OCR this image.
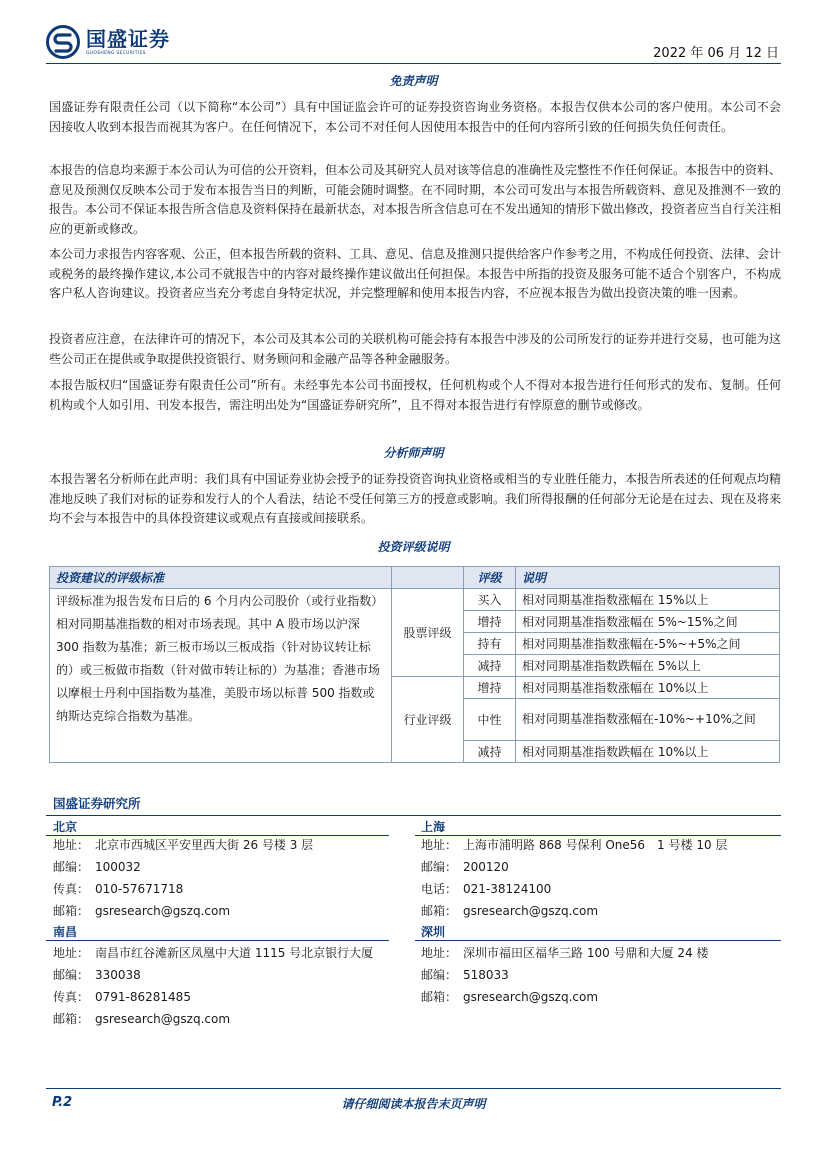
国盛证券
GUOSHENG SECURITIES	2022 年 06 月 12 日
免责声明

国盛证券有限责任公司（以下简称“本公司”）具有中国证监会许可的证券投资咨询业务资格。本报告仅供本公司的客户使用。本公司不会因接收人收到本报告而视其为客户。在任何情况下，本公司不对任何人因使用本报告中的任何内容所引致的任何损失负任何责任。

本报告的信息均来源于本公司认为可信的公开资料，但本公司及其研究人员对该等信息的准确性及完整性不作任何保证。本报告中的资料、意见及预测仅反映本公司于发布本报告当日的判断，可能会随时调整。在不同时期，本公司可发出与本报告所载资料、意见及推测不一致的报告。本公司不保证本报告所含信息及资料保持在最新状态，对本报告所含信息可在不发出通知的情形下做出修改，投资者应当自行关注相应的更新或修改。

本公司力求报告内容客观、公正，但本报告所载的资料、工具、意见、信息及推测只提供给客户作参考之用，不构成任何投资、法律、会计或税务的最终操作建议,本公司不就报告中的内容对最终操作建议做出任何担保。本报告中所指的投资及服务可能不适合个别客户，不构成客户私人咨询建议。投资者应当充分考虑自身特定状况，并完整理解和使用本报告内容，不应视本报告为做出投资决策的唯一因素。

投资者应注意，在法律许可的情况下，本公司及其本公司的关联机构可能会持有本报告中涉及的公司所发行的证券并进行交易，也可能为这些公司正在提供或争取提供投资银行、财务顾问和金融产品等各种金融服务。

本报告版权归“国盛证券有限责任公司”所有。未经事先本公司书面授权，任何机构或个人不得对本报告进行任何形式的发布、复制。任何机构或个人如引用、刊发本报告，需注明出处为“国盛证券研究所”，且不得对本报告进行有悖原意的删节或修改。

分析师声明

本报告署名分析师在此声明：我们具有中国证券业协会授予的证券投资咨询执业资格或相当的专业胜任能力，本报告所表述的任何观点均精准地反映了我们对标的证券和发行人的个人看法，结论不受任何第三方的授意或影响。我们所得报酬的任何部分无论是在过去、现在及将来均不会与本报告中的具体投资建议或观点有直接或间接联系。

投资评级说明
投资建议的评级标准		评级	说明
评级标准为报告发布日后的 6 个月内公司股价（或行业指数）相对同期基准指数的相对市场表现。其中 A 股市场以沪深 300 指数为基准；新三板市场以三板成指（针对协议转让标的）或三板做市指数（针对做市转让标的）为基准；香港市场以摩根士丹利中国指数为基准，美股市场以标普 500 指数或纳斯达克综合指数为基准。	股票评级	买入	相对同期基准指数涨幅在 15%以上
		增持	相对同期基准指数涨幅在 5%~15%之间
		持有	相对同期基准指数涨幅在-5%~+5%之间
		减持	相对同期基准指数跌幅在 5%以上
	行业评级	增持	相对同期基准指数涨幅在 10%以上
		中性	相对同期基准指数涨幅在-10%~+10%之间
		减持	相对同期基准指数跌幅在 10%以上
国盛证券研究所
北京
地址： 北京市西城区平安里西大街 26 号楼 3 层
邮编： 100032
传真： 010-57671718
邮箱： gsresearch@gszq.com
上海
地址： 上海市浦明路 868 号保利 One56　1 号楼 10 层
邮编： 200120
电话： 021-38124100
邮箱： gsresearch@gszq.com
南昌
地址： 南昌市红谷滩新区凤凰中大道 1115 号北京银行大厦
邮编： 330038
传真： 0791-86281485
邮箱： gsresearch@gszq.com
深圳
地址： 深圳市福田区福华三路 100 号鼎和大厦 24 楼
邮编： 518033
邮箱： gsresearch@gszq.com
P.2	请仔细阅读本报告末页声明
